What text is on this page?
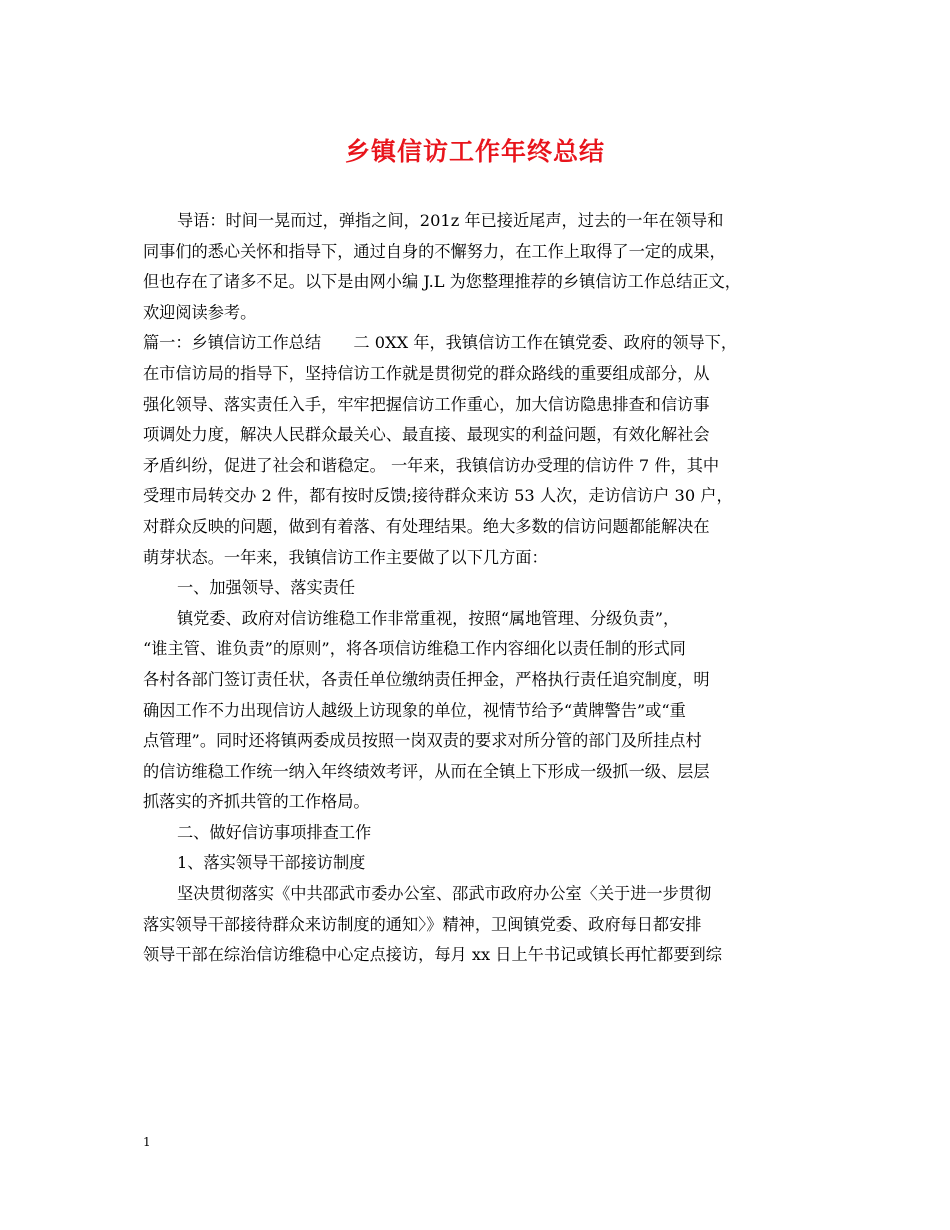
乡镇信访工作年终总结
导语：时间一晃而过，弹指之间，201z 年已接近尾声，过去的一年在领导和
同事们的悉心关怀和指导下，通过自身的不懈努力，在工作上取得了一定的成果，
但也存在了诸多不足。以下是由网小编 J.L 为您整理推荐的乡镇信访工作总结正文，
欢迎阅读参考。
篇一：乡镇信访工作总结　　二 0XX 年，我镇信访工作在镇党委、政府的领导下，
在市信访局的指导下，坚持信访工作就是贯彻党的群众路线的重要组成部分，从
强化领导、落实责任入手，牢牢把握信访工作重心，加大信访隐患排查和信访事
项调处力度，解决人民群众最关心、最直接、最现实的利益问题，有效化解社会
矛盾纠纷，促进了社会和谐稳定。 一年来，我镇信访办受理的信访件 7 件，其中
受理市局转交办 2 件，都有按时反馈;接待群众来访 53 人次，走访信访户 30 户，
对群众反映的问题，做到有着落、有处理结果。绝大多数的信访问题都能解决在
萌芽状态。一年来，我镇信访工作主要做了以下几方面：
一、加强领导、落实责任
镇党委、政府对信访维稳工作非常重视，按照“属地管理、分级负责”，
“谁主管、谁负责”的原则”，将各项信访维稳工作内容细化以责任制的形式同
各村各部门签订责任状，各责任单位缴纳责任押金，严格执行责任追究制度，明
确因工作不力出现信访人越级上访现象的单位，视情节给予“黄牌警告”或“重
点管理”。同时还将镇两委成员按照一岗双责的要求对所分管的部门及所挂点村
的信访维稳工作统一纳入年终绩效考评，从而在全镇上下形成一级抓一级、层层
抓落实的齐抓共管的工作格局。
二、做好信访事项排查工作
1、落实领导干部接访制度
坚决贯彻落实《中共邵武市委办公室、邵武市政府办公室〈关于进一步贯彻
落实领导干部接待群众来访制度的通知〉》精神，卫闽镇党委、政府每日都安排
领导干部在综治信访维稳中心定点接访，每月 xx 日上午书记或镇长再忙都要到综
1
